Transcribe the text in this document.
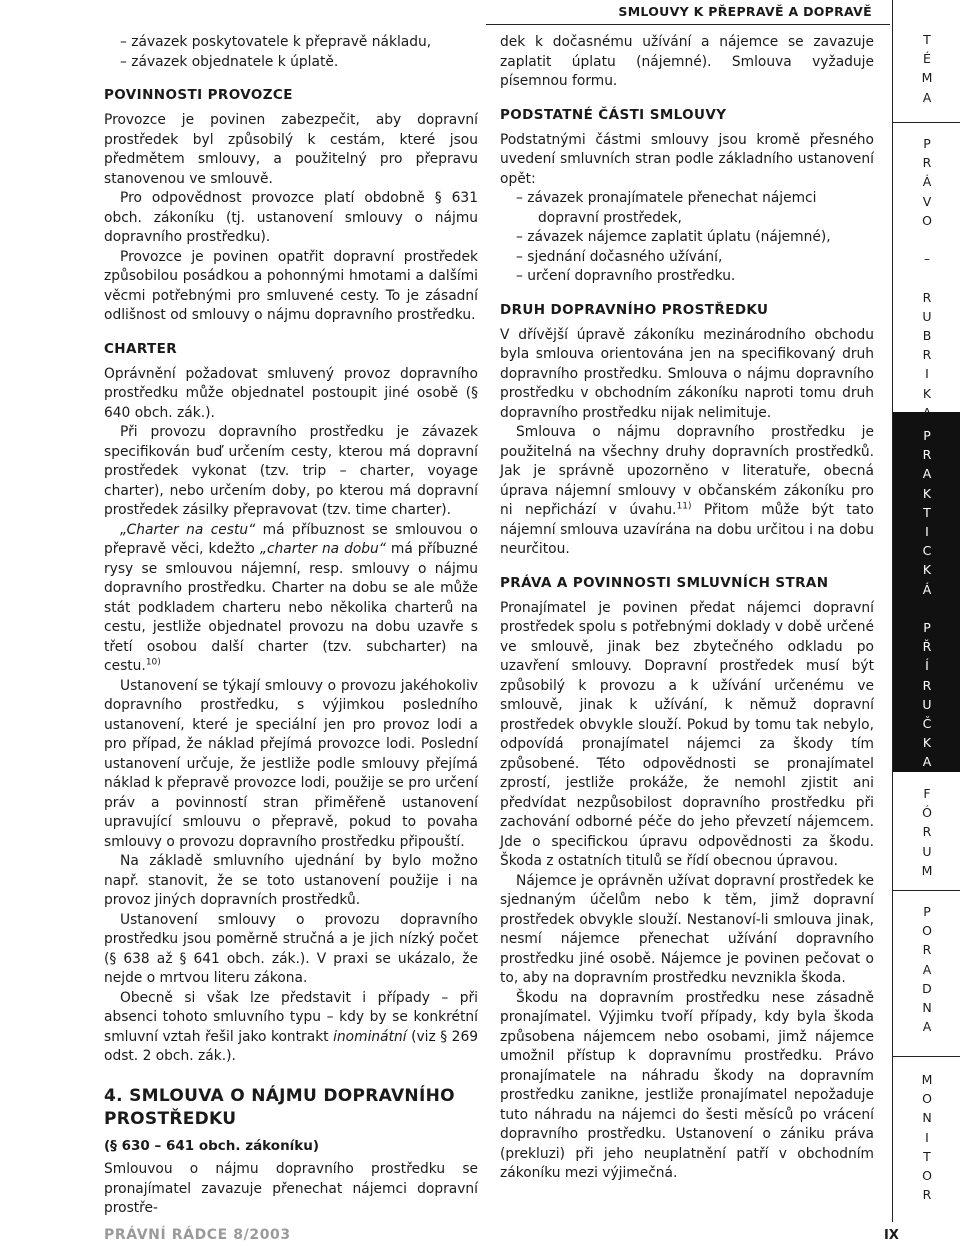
SMLOUVY K PŘEPRAVĚ A DOPRAVĚ
– závazek poskytovatele k přepravě nákladu,
– závazek objednatele k úplatě.
POVINNOSTI PROVOZCE

Provozce je povinen zabezpečit, aby dopravní prostředek byl způsobilý k cestám, které jsou předmětem smlouvy, a použitelný pro přepravu stanovenou ve smlouvě.

Pro odpovědnost provozce platí obdobně § 631 obch. zákoníku (tj. ustanovení smlouvy o nájmu dopravního prostředku).

Provozce je povinen opatřit dopravní prostředek způsobilou posádkou a pohonnými hmotami a dalšími věcmi potřebnými pro smluvené cesty. To je zásadní odlišnost od smlouvy o nájmu dopravního prostředku.

CHARTER

Oprávnění požadovat smluvený provoz dopravního prostředku může objednatel postoupit jiné osobě (§ 640 obch. zák.).

Při provozu dopravního prostředku je závazek specifikován buď určením cesty, kterou má dopravní prostředek vykonat (tzv. trip – charter, voyage charter), nebo určením doby, po kterou má dopravní prostředek zásilky přepravovat (tzv. time charter).

„Charter na cestu“ má příbuznost se smlouvou o přepravě věci, kdežto „charter na dobu“ má příbuzné rysy se smlouvou nájemní, resp. smlouvy o nájmu dopravního prostředku. Charter na dobu se ale může stát podkladem charteru nebo několika charterů na cestu, jestliže objednatel provozu na dobu uzavře s třetí osobou další charter (tzv. subcharter) na cestu.$^{10)}$

Ustanovení se týkají smlouvy o provozu jakéhokoliv dopravního prostředku, s výjimkou posledního ustanovení, které je speciální jen pro provoz lodi a pro případ, že náklad přejímá provozce lodi. Poslední ustanovení určuje, že jestliže podle smlouvy přejímá náklad k přepravě provozce lodi, použije se pro určení práv a povinností stran přiměřeně ustanovení upravující smlouvu o přepravě, pokud to povaha smlouvy o provozu dopravního prostředku připouští.

Na základě smluvního ujednání by bylo možno např. stanovit, že se toto ustanovení použije i na provoz jiných dopravních prostředků.

Ustanovení smlouvy o provozu dopravního prostředku jsou poměrně stručná a je jich nízký počet (§ 638 až § 641 obch. zák.). V praxi se ukázalo, že nejde o mrtvou literu zákona.

Obecně si však lze představit i případy – při absenci tohoto smluvního typu – kdy by se konkrétní smluvní vztah řešil jako kontrakt inominátní (viz § 269 odst. 2 obch. zák.).

4. SMLOUVA O NÁJMU DOPRAVNÍHO PROSTŘEDKU

(§ 630 – 641 obch. zákoníku)

Smlouvou o nájmu dopravního prostředku se pronajímatel zavazuje přenechat nájemci dopravní prostře-

dek k dočasnému užívání a nájemce se zavazuje zaplatit úplatu (nájemné). Smlouva vyžaduje písemnou formu.

PODSTATNÉ ČÁSTI SMLOUVY

Podstatnými částmi smlouvy jsou kromě přesného uvedení smluvních stran podle základního ustanovení opět:

– závazek pronajímatele přenechat nájemci dopravní prostředek,
– závazek nájemce zaplatit úplatu (nájemné),
– sjednání dočasného užívání,
– určení dopravního prostředku.
DRUH DOPRAVNÍHO PROSTŘEDKU

V dřívější úpravě zákoníku mezinárodního obchodu byla smlouva orientována jen na specifikovaný druh dopravního prostředku. Smlouva o nájmu dopravního prostředku v obchodním zákoníku naproti tomu druh dopravního prostředku nijak nelimituje.

Smlouva o nájmu dopravního prostředku je použitelná na všechny druhy dopravních prostředků. Jak je správně upozorněno v literatuře, obecná úprava nájemní smlouvy v občanském zákoníku pro ni nepřichází v úvahu.$^{11)}$ Přitom může být tato nájemní smlouva uzavírána na dobu určitou i na dobu neurčitou.

PRÁVA A POVINNOSTI SMLUVNÍCH STRAN

Pronajímatel je povinen předat nájemci dopravní prostředek spolu s potřebnými doklady v době určené ve smlouvě, jinak bez zbytečného odkladu po uzavření smlouvy. Dopravní prostředek musí být způsobilý k provozu a k užívání určenému ve smlouvě, jinak k užívání, k němuž dopravní prostředek obvykle slouží. Pokud by tomu tak nebylo, odpovídá pronajímatel nájemci za škody tím způsobené. Této odpovědnosti se pronajímatel zprostí, jestliže prokáže, že nemohl zjistit ani předvídat nezpůsobilost dopravního prostředku při zachování odborné péče do jeho převzetí nájemcem. Jde o specifickou úpravu odpovědnosti za škodu. Škoda z ostatních titulů se řídí obecnou úpravou.

Nájemce je oprávněn užívat dopravní prostředek ke sjednaným účelům nebo k těm, jimž dopravní prostředek obvykle slouží. Nestanoví-li smlouva jinak, nesmí nájemce přenechat užívání dopravního prostředku jiné osobě. Nájemce je povinen pečovat o to, aby na dopravním prostředku nevznikla škoda.

Škodu na dopravním prostředku nese zásadně pronajímatel. Výjimku tvoří případy, kdy byla škoda způsobena nájemcem nebo osobami, jimž nájemce umožnil přístup k dopravnímu prostředku. Právo pronajímatele na náhradu škody na dopravním prostředku zanikne, jestliže pronajímatel nepožaduje tuto náhradu na nájemci do šesti měsíců po vrácení dopravního prostředku. Ustanovení o zániku práva (prekluzi) při jeho neuplatnění patří v obchodním zákoníku mezi výjimečná.

PRÁVNÍ RÁDCE 8/2003	IX
T
É
M
A
P
R
Á
V
O

–

R
U
B
R
I
K
P
R
A
K
T
I
C
K
Á

P
Ř
Í
R
U
Č
K
A
F
Ó
R
U
M
P
O
R
A
D
N
A
M
O
N
I
T
O
R
